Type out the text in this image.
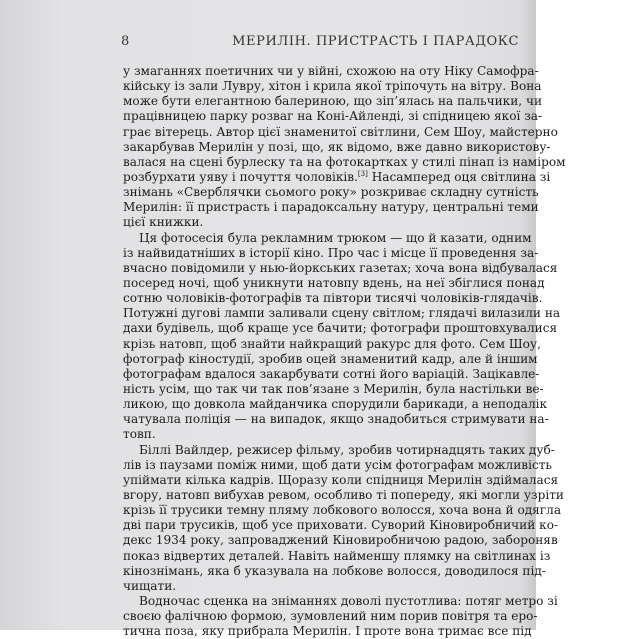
8	МЕРИЛІН. ПРИСТРАСТЬ І ПАРАДОКС
у змаганнях поетичних чи у війні, схожою на оту Ніку Самофра-
кійську із зали Лувру, хітон і крила якої тріпочуть на вітру. Вона
може бути елегантною балериною, що зіп’ялась на пальчики, чи
працівницею парку розваг на Коні-Айленді, зі спідницею якої за-
грає вітерець. Автор цієї знаменитої світлини, Сем Шоу, майстерно
закарбував Мерилін у позі, що, як відомо, вже давно використову-
валася на сцені бурлеску та на фотокартках у стилі пінап із наміром
розбурхати уяву і почуття чоловіків.[3] Насамперед оця світлина зі
знімань «Сверблячки сьомого року» розкриває складну сутність
Мерилін: її пристрасть і парадоксальну натуру, центральні теми
цієї книжки.
Ця фотосесія була рекламним трюком — що й казати, одним
із найвидатніших в історії кіно. Про час і місце її проведення за-
вчасно повідомили у нью-йоркських газетах; хоча вона відбувалася
посеред ночі, щоб уникнути натовпу вдень, на неї збіглися понад
сотню чоловіків-фотографів та півтори тисячі чоловіків-глядачів.
Потужні дугові лампи заливали сцену світлом; глядачі вилазили на
дахи будівель, щоб краще усе бачити; фотографи проштовхувалися
крізь натовп, щоб знайти найкращий ракурс для фото. Сем Шоу,
фотограф кіностудії, зробив оцей знаменитий кадр, але й іншим
фотографам вдалося закарбувати сотні його варіацій. Зацікавле-
ність усім, що так чи так пов’язане з Мерилін, була настільки ве-
ликою, що довкола майданчика спорудили барикади, а неподалік
чатувала поліція — на випадок, якщо знадобиться стримувати на-
товп.
Біллі Вайлдер, режисер фільму, зробив чотирнадцять таких дуб-
лів із паузами поміж ними, щоб дати усім фотографам можливість
упіймати кілька кадрів. Щоразу коли спідниця Мерилін здіймалася
вгору, натовп вибухав ревом, особливо ті попереду, які могли узріти
крізь її трусики темну пляму лобкового волосся, хоча вона й одягла
дві пари трусиків, щоб усе приховати. Суворий Кіновиробничий ко-
декс 1934 року, запроваджений Кіновиробничою радою, забороняв
показ відвертих деталей. Навіть найменшу плямку на світлинах із
кінознімань, яка б указувала на лобкове волосся, доводилося під-
чищати.
Водночас сценка на зніманнях доволі пустотлива: потяг метро зі
своєю фалічною формою, зумовлений ним порив повітря та еро-
тична поза, яку прибрала Мерилін. І проте вона тримає все під
